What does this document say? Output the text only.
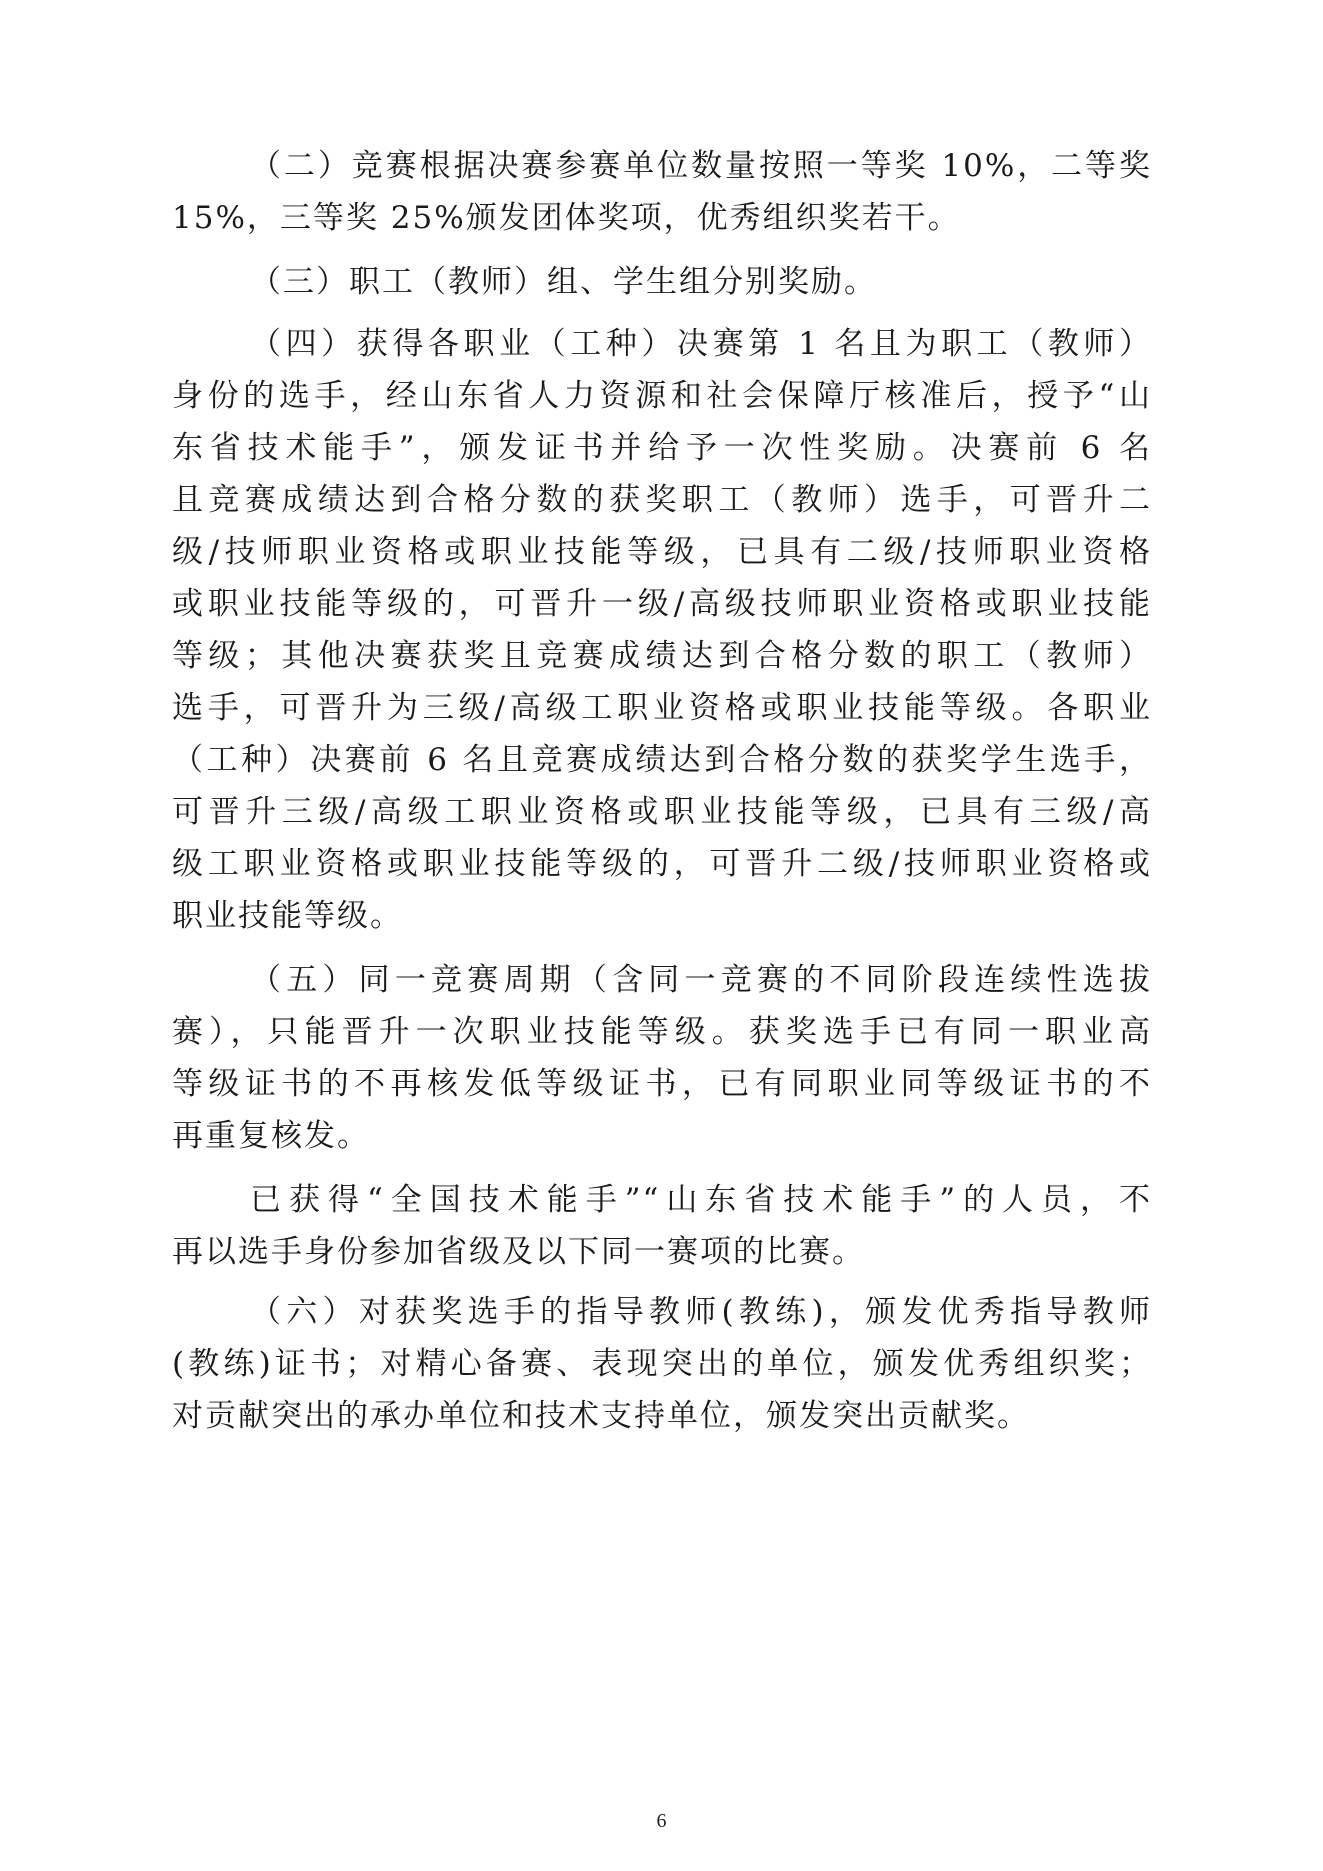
（二）竞赛根据决赛参赛单位数量按照一等奖 10%，二等奖
15%，三等奖 25%颁发团体奖项，优秀组织奖若干。
（三）职工（教师）组、学生组分别奖励。
（四）获得各职业（工种）决赛第 1 名且为职工（教师）
身份的选手，经山东省人力资源和社会保障厅核准后，授予“山
东省技术能手”，颁发证书并给予一次性奖励。决赛前 6 名
且竞赛成绩达到合格分数的获奖职工（教师）选手，可晋升二
级/技师职业资格或职业技能等级，已具有二级/技师职业资格
或职业技能等级的，可晋升一级/高级技师职业资格或职业技能
等级；其他决赛获奖且竞赛成绩达到合格分数的职工（教师）
选手，可晋升为三级/高级工职业资格或职业技能等级。各职业
（工种）决赛前 6 名且竞赛成绩达到合格分数的获奖学生选手，
可晋升三级/高级工职业资格或职业技能等级，已具有三级/高
级工职业资格或职业技能等级的，可晋升二级/技师职业资格或
职业技能等级。
（五）同一竞赛周期（含同一竞赛的不同阶段连续性选拔
赛），只能晋升一次职业技能等级。获奖选手已有同一职业高
等级证书的不再核发低等级证书，已有同职业同等级证书的不
再重复核发。
已获得“全国技术能手”“山东省技术能手”的人员，不
再以选手身份参加省级及以下同一赛项的比赛。
（六）对获奖选手的指导教师(教练)，颁发优秀指导教师
(教练)证书；对精心备赛、表现突出的单位，颁发优秀组织奖；
对贡献突出的承办单位和技术支持单位，颁发突出贡献奖。
6
